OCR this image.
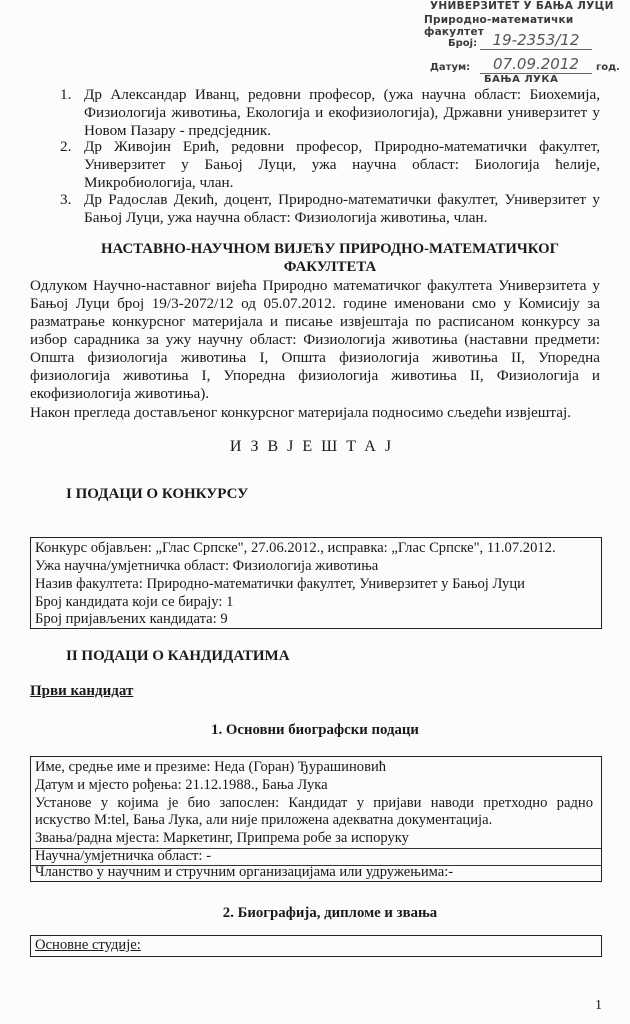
УНИВЕРЗИТЕТ У БАЊА ЛУЦИ
Природно-математички факултет
Број:	19-2353/12
Датум:	07.09.2012	год.
БАЊА ЛУКА
1. Др Александар Иванц, редовни професор, (ужа научна област: Биохемија,
Физиологија животиња, Екологија и екофизиологија), Државни универзитет у
Новом Пазару - предсједник.
2. Др Живојин Ерић, редовни професор, Природно-математички факултет,
Универзитет у Бањој Луци, ужа научна област: Биологија ћелије,
Микробиологија, члан.
3. Др Радослав Декић, доцент, Природно-математички факултет, Универзитет у
Бањој Луци, ужа научна област: Физиологија животиња, члан.
НАСТАВНО-НАУЧНОМ ВИЈЕЋУ ПРИРОДНО-МАТЕМАТИЧКОГ
ФАКУЛТЕТА
Одлуком Научно-наставног вијећа Природно математичког факултета Универзитета у
Бањој Луци број 19/3-2072/12 од 05.07.2012. године именовани смо у Комисију за
разматрање конкурсног материјала и писање извјештаја по расписаном конкурсу за
избор сарадника за ужу научну област: Физиологија животиња (наставни предмети:
Општа физиологија животиња I, Општа физиологија животиња II, Упоредна
физиологија животиња I, Упоредна физиологија животиња II, Физиологија и
екофизиологија животиња).
Након прегледа достављеног конкурсног материјала подносимо сљедећи извјештај.
ИЗВЈЕШТАЈ
I ПОДАЦИ О КОНКУРСУ
Конкурс објављен: „Глас Српске", 27.06.2012., исправка: „Глас Српске", 11.07.2012.
Ужа научна/умјетничка област: Физиологија животиња
Назив факултета: Природно-математички факултет, Универзитет у Бањој Луци
Број кандидата који се бирају: 1
Број пријављених кандидата: 9
II ПОДАЦИ О КАНДИДАТИМА
Први кандидат
1. Основни биографски подаци
Име, средње име и презиме: Неда (Горан) Ђурашиновић
Датум и мјесто рођења: 21.12.1988., Бања Лука
Установе у којима је био запослен: Кандидат у пријави наводи претходно радно
искуство M:tel, Бања Лука, али није приложена адекватна документација.
Звања/радна мјеста: Маркетинг, Припрема робе за испоруку
Научна/умјетничка област: -
Чланство у научним и стручним организацијама или удружењима:-
2. Биографија, дипломе и звања
Основне студије:
1
